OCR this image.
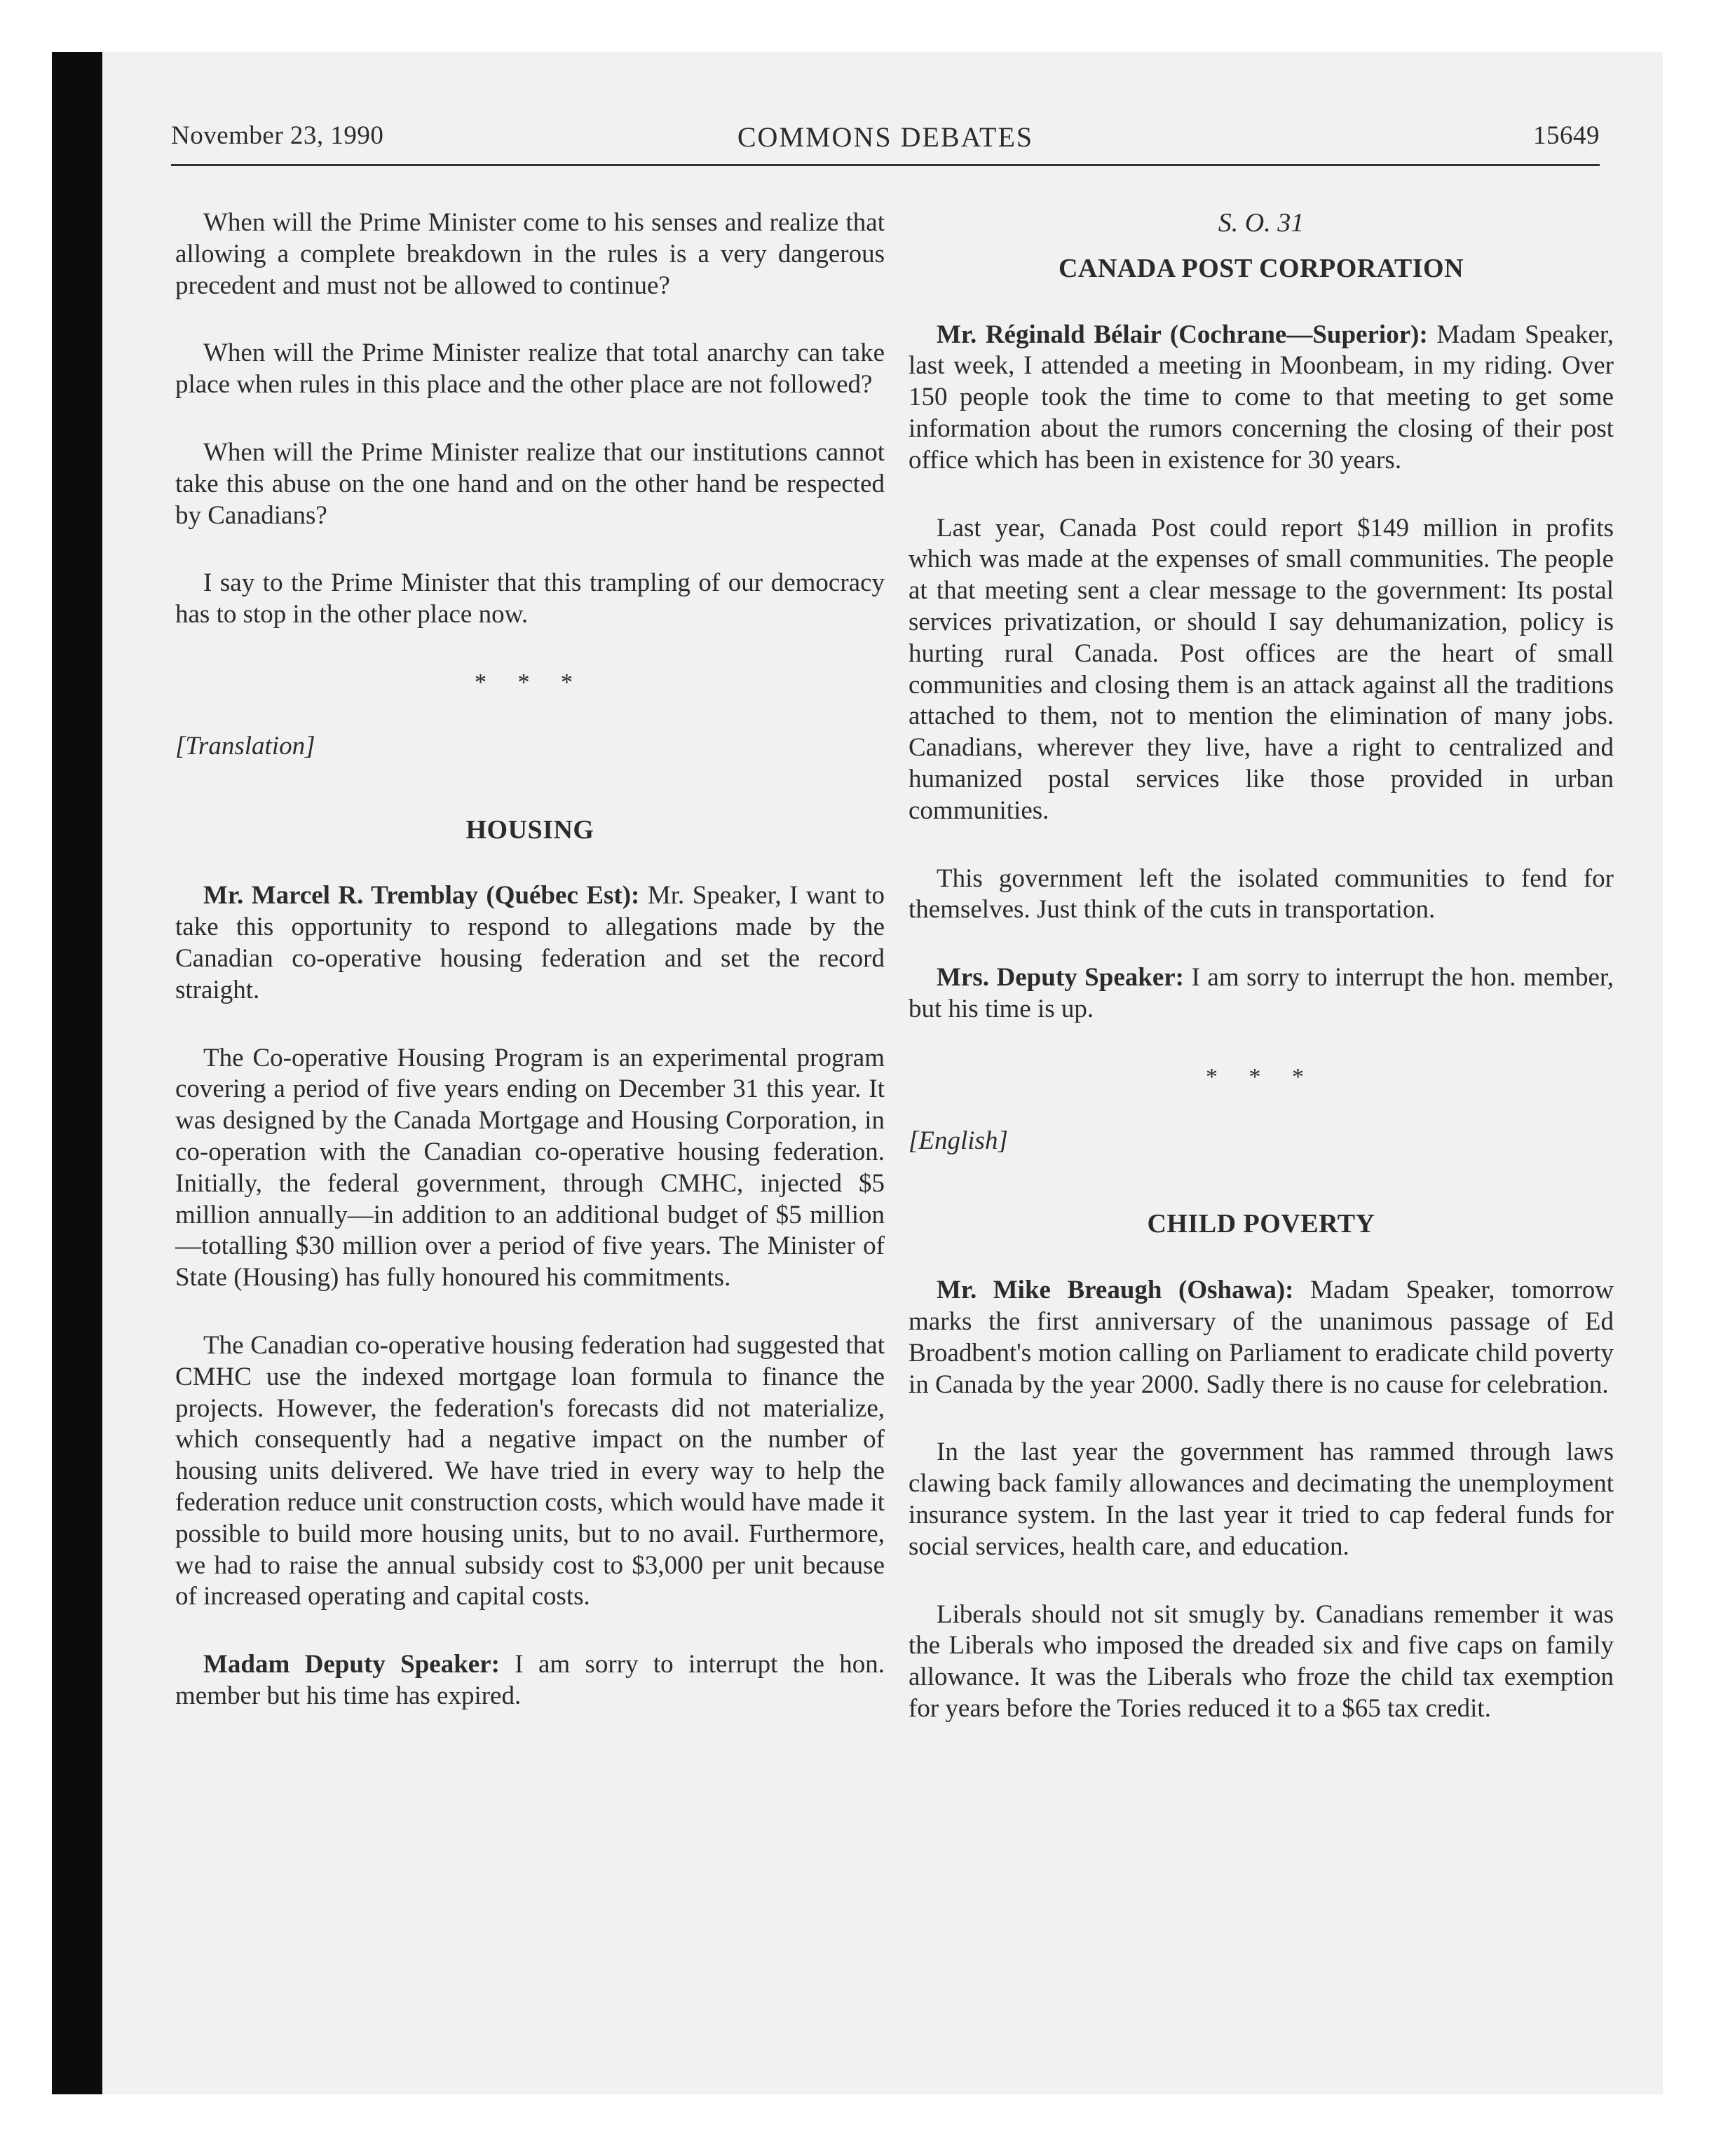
November 23, 1990	COMMONS DEBATES	15649

When will the Prime Minister come to his senses and realize that allowing a complete breakdown in the rules is a very dangerous precedent and must not be allowed to continue?

When will the Prime Minister realize that total anarchy can take place when rules in this place and the other place are not followed?

When will the Prime Minister realize that our institutions cannot take this abuse on the one hand and on the other hand be respected by Canadians?

I say to the Prime Minister that this trampling of our democracy has to stop in the other place now.

* * *
[Translation]
HOUSING

Mr. Marcel R. Tremblay (Québec Est): Mr. Speaker, I want to take this opportunity to respond to allegations made by the Canadian co-operative housing federation and set the record straight.

The Co-operative Housing Program is an experimental program covering a period of five years ending on December 31 this year. It was designed by the Canada Mortgage and Housing Corporation, in co-operation with the Canadian co-operative housing federation. Initially, the federal government, through CMHC, injected $5 million annually—in addition to an additional budget of $5 million—totalling $30 million over a period of five years. The Minister of State (Housing) has fully honoured his commitments.

The Canadian co-operative housing federation had suggested that CMHC use the indexed mortgage loan formula to finance the projects. However, the federation's forecasts did not materialize, which consequently had a negative impact on the number of housing units delivered. We have tried in every way to help the federation reduce unit construction costs, which would have made it possible to build more housing units, but to no avail. Furthermore, we had to raise the annual subsidy cost to $3,000 per unit because of increased operating and capital costs.

Madam Deputy Speaker: I am sorry to interrupt the hon. member but his time has expired.

S. O. 31
CANADA POST CORPORATION

Mr. Réginald Bélair (Cochrane—Superior): Madam Speaker, last week, I attended a meeting in Moonbeam, in my riding. Over 150 people took the time to come to that meeting to get some information about the rumors concerning the closing of their post office which has been in existence for 30 years.

Last year, Canada Post could report $149 million in profits which was made at the expenses of small communities. The people at that meeting sent a clear message to the government: Its postal services privatization, or should I say dehumanization, policy is hurting rural Canada. Post offices are the heart of small communities and closing them is an attack against all the traditions attached to them, not to mention the elimination of many jobs. Canadians, wherever they live, have a right to centralized and humanized postal services like those provided in urban communities.

This government left the isolated communities to fend for themselves. Just think of the cuts in transportation.

Mrs. Deputy Speaker: I am sorry to interrupt the hon. member, but his time is up.

* * *
[English]
CHILD POVERTY

Mr. Mike Breaugh (Oshawa): Madam Speaker, tomorrow marks the first anniversary of the unanimous passage of Ed Broadbent's motion calling on Parliament to eradicate child poverty in Canada by the year 2000. Sadly there is no cause for celebration.

In the last year the government has rammed through laws clawing back family allowances and decimating the unemployment insurance system. In the last year it tried to cap federal funds for social services, health care, and education.

Liberals should not sit smugly by. Canadians remember it was the Liberals who imposed the dreaded six and five caps on family allowance. It was the Liberals who froze the child tax exemption for years before the Tories reduced it to a $65 tax credit.
